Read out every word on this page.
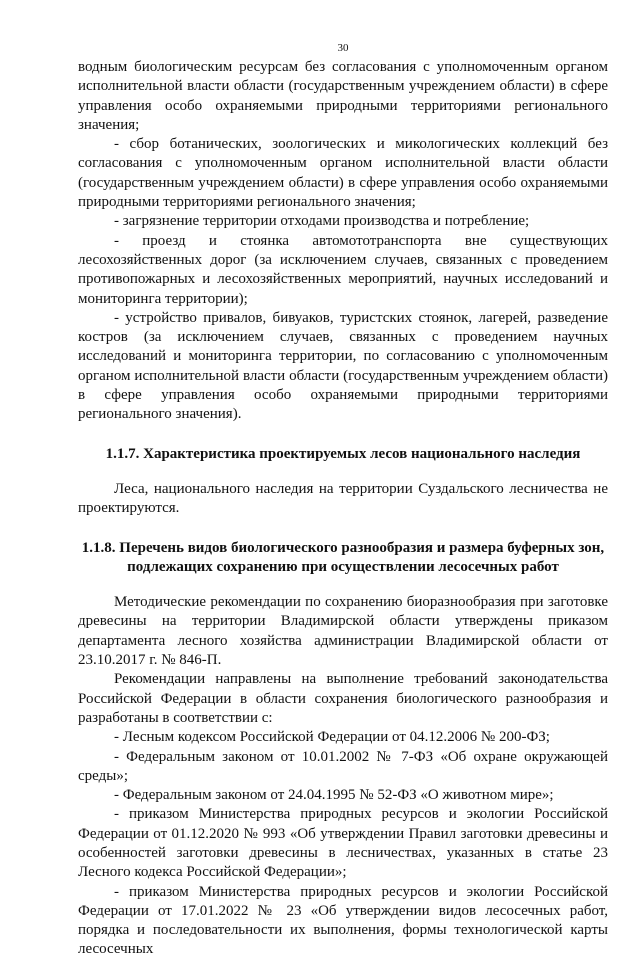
30

водным биологическим ресурсам без согласования с уполномоченным органом исполнительной власти области (государственным учреждением области) в сфере управления особо охраняемыми природными территориями регионального значения;

- сбор ботанических, зоологических и микологических коллекций без согласования с уполномоченным органом исполнительной власти области (государственным учреждением области) в сфере управления особо охраняемыми природными территориями регионального значения;

- загрязнение территории отходами производства и потребление;

- проезд и стоянка автомототранспорта вне существующих лесохозяйственных дорог (за исключением случаев, связанных с проведением противопожарных и лесохозяйственных мероприятий, научных исследований и мониторинга территории);

- устройство привалов, бивуаков, туристских стоянок, лагерей, разведение костров (за исключением случаев, связанных с проведением научных исследований и мониторинга территории, по согласованию с уполномоченным органом исполнительной власти области (государственным учреждением области) в сфере управления особо охраняемыми природными территориями регионального значения).

1.1.7. Характеристика проектируемых лесов национального наследия

Леса, национального наследия на территории Суздальского лесничества не проектируются.

1.1.8. Перечень видов биологического разнообразия и размера буферных зон,
подлежащих сохранению при осуществлении лесосечных работ

Методические рекомендации по сохранению биоразнообразия при заготовке древесины на территории Владимирской области утверждены приказом департамента лесного хозяйства администрации Владимирской области от 23.10.2017 г. № 846-П.

Рекомендации направлены на выполнение требований законодательства Российской Федерации в области сохранения биологического разнообразия и разработаны в соответствии с:

- Лесным кодексом Российской Федерации от 04.12.2006 № 200-ФЗ;

- Федеральным законом от 10.01.2002 № 7-ФЗ «Об охране окружающей среды»;

- Федеральным законом от 24.04.1995 № 52-ФЗ «О животном мире»;

- приказом Министерства природных ресурсов и экологии Российской Федерации от 01.12.2020 № 993 «Об утверждении Правил заготовки древесины и особенностей заготовки древесины в лесничествах, указанных в статье 23 Лесного кодекса Российской Федерации»;

- приказом Министерства природных ресурсов и экологии Российской Федерации от 17.01.2022 № 23 «Об утверждении видов лесосечных работ, порядка и последовательности их выполнения, формы технологической карты лесосечных
